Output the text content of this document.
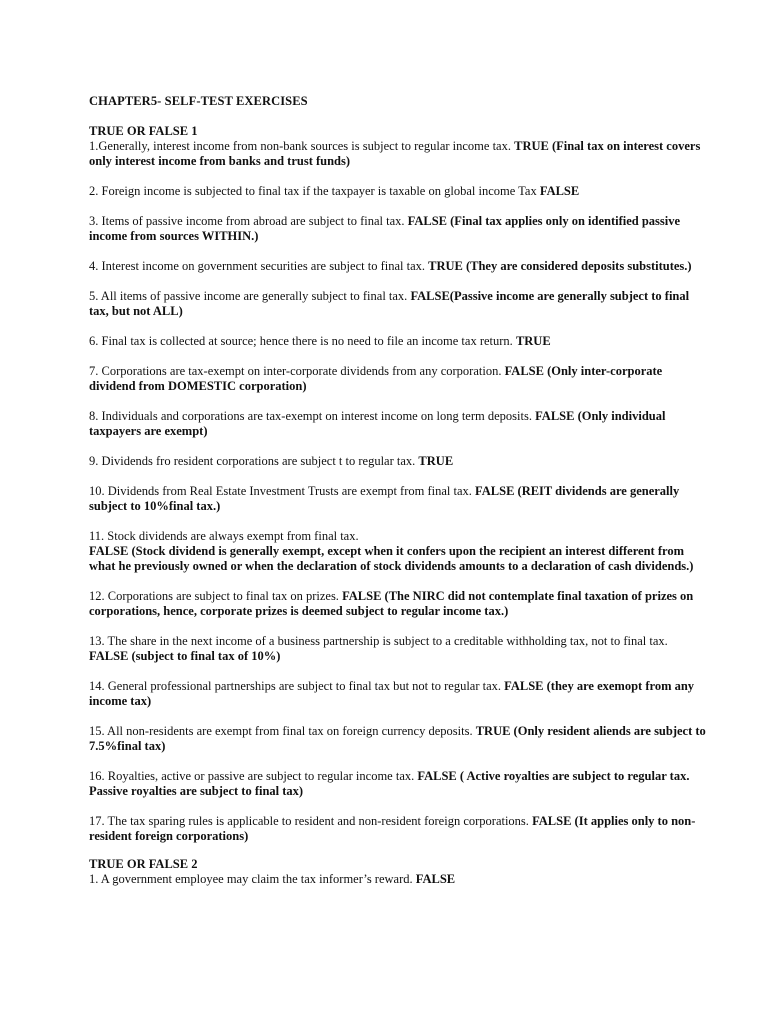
CHAPTER5- SELF-TEST EXERCISES
TRUE OR FALSE 1
1.Generally, interest income from non-bank sources is subject to regular income tax. TRUE (Final tax on interest covers only interest income from banks and trust funds)
2. Foreign income is subjected to final tax if the taxpayer is taxable on global income Tax FALSE
3. Items of passive income from abroad are subject to final tax. FALSE (Final tax applies only on identified passive income from sources WITHIN.)
4. Interest income on government securities are subject to final tax. TRUE (They are considered deposits substitutes.)
5. All items of passive income are generally subject to final tax. FALSE(Passive income are generally subject to final tax, but not ALL)
6. Final tax is collected at source; hence there is no need to file an income tax return. TRUE
7. Corporations are tax-exempt on inter-corporate dividends from any corporation. FALSE (Only inter-corporate dividend from DOMESTIC corporation)
8. Individuals and corporations are tax-exempt on interest income on long term deposits. FALSE (Only individual taxpayers are exempt)
9. Dividends fro resident corporations are subject t to regular tax. TRUE
10. Dividends from Real Estate Investment Trusts are exempt from final tax. FALSE (REIT dividends are generally subject to 10%final tax.)
11. Stock dividends are always exempt from final tax.
FALSE (Stock dividend is generally exempt, except when it confers upon the recipient an interest different from what he previously owned or when the declaration of stock dividends amounts to a declaration of cash dividends.)
12. Corporations are subject to final tax on prizes. FALSE (The NIRC did not contemplate final taxation of prizes on corporations, hence, corporate prizes is deemed subject to regular income tax.)
13. The share in the next income of a business partnership is subject to a creditable withholding tax, not to final tax.
FALSE (subject to final tax of 10%)
14. General professional partnerships are subject to final tax but not to regular tax. FALSE (they are exemopt from any income tax)
15. All non-residents are exempt from final tax on foreign currency deposits. TRUE (Only resident aliends are subject to 7.5%final tax)
16. Royalties, active or passive are subject to regular income tax. FALSE ( Active royalties are subject to regular tax. Passive royalties are subject to final tax)
17. The tax sparing rules is applicable to resident and non-resident foreign corporations. FALSE (It applies only to non-resident foreign corporations)
TRUE OR FALSE 2
1. A government employee may claim the tax informer’s reward. FALSE
